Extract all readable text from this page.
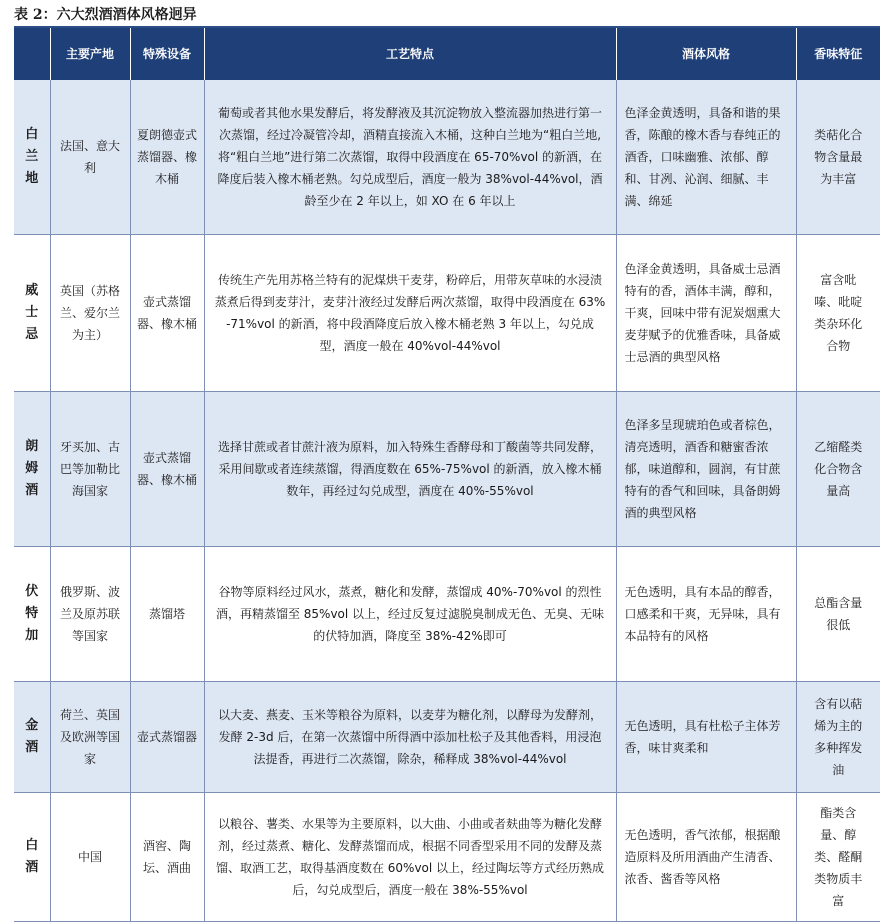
表 2：六大烈酒酒体风格迥异
	主要产地	特殊设备	工艺特点	酒体风格	香味特征
白兰地	法国、意大利	夏朗德壶式蒸馏器、橡木桶	葡萄或者其他水果发酵后，将发酵液及其沉淀物放入整流器加热进行第一次蒸馏，经过冷凝管冷却，酒精直接流入木桶，这种白兰地为“粗白兰地,将“粗白兰地”进行第二次蒸馏，取得中段酒度在 65-70%vol 的新酒，在降度后装入橡木桶老熟。勾兑成型后，酒度一般为 38%vol-44%vol，酒龄至少在 2 年以上，如 XO 在 6 年以上	色泽金黄透明，具备和谐的果香，陈酿的橡木香与春纯正的酒香，口味幽雅、浓郁、醇和、甘冽、沁润、细腻、丰满、绵延	类萜化合物含量最为丰富
威士忌	英国（苏格兰、爱尔兰为主）	壶式蒸馏器、橡木桶	传统生产先用苏格兰特有的泥煤烘干麦芽，粉碎后，用带灰草味的水浸渍蒸煮后得到麦芽汁，麦芽汁液经过发酵后两次蒸馏，取得中段酒度在 63%-71%vol 的新酒，将中段酒降度后放入橡木桶老熟 3 年以上，勾兑成型，酒度一般在 40%vol-44%vol	色泽金黄透明，具备威士忌酒特有的香，酒体丰满，醇和，干爽，回味中带有泥炭烟熏大麦芽赋予的优雅香味，具备威士忌酒的典型风格	富含吡嗪、吡啶类杂环化合物
朗姆酒	牙买加、古巴等加勒比海国家	壶式蒸馏器、橡木桶	选择甘蔗或者甘蔗汁液为原料，加入特殊生香酵母和丁酸菌等共同发酵，采用间歇或者连续蒸馏，得酒度数在 65%-75%vol 的新酒，放入橡木桶数年，再经过勾兑成型，酒度在 40%-55%vol	色泽多呈现琥珀色或者棕色，清亮透明，酒香和糖蜜香浓郁，味道醇和，圆润，有甘蔗特有的香气和回味，具备朗姆酒的典型风格	乙缩醛类化合物含量高
伏特加	俄罗斯、波兰及原苏联等国家	蒸馏塔	谷物等原料经过风水，蒸煮，糖化和发酵，蒸馏成 40%-70%vol 的烈性酒，再精蒸馏至 85%vol 以上，经过反复过滤脱臭制成无色、无臭、无味的伏特加酒，降度至 38%-42%即可	无色透明，具有本品的醇香，口感柔和干爽，无异味，具有本品特有的风格	总酯含量很低
金酒	荷兰、英国及欧洲等国家	壶式蒸馏器	以大麦、燕麦、玉米等粮谷为原料，以麦芽为糖化剂，以酵母为发酵剂，发酵 2-3d 后，在第一次蒸馏中所得酒中添加杜松子及其他香料，用浸泡法提香，再进行二次蒸馏，除杂，稀释成 38%vol-44%vol	无色透明，具有杜松子主体芳香，味甘爽柔和	含有以萜烯为主的多种挥发油
白酒	中国	酒窖、陶坛、酒曲	以粮谷、薯类、水果等为主要原料，以大曲、小曲或者麸曲等为糖化发酵剂，经过蒸煮、糖化、发酵蒸馏而成，根据不同香型采用不同的发酵及蒸馏、取酒工艺，取得基酒度数在 60%vol 以上，经过陶坛等方式经历熟成后，勾兑成型后，酒度一般在 38%-55%vol	无色透明，香气浓郁，根据酿造原料及所用酒曲产生清香、浓香、酱香等风格	酯类含量、醇类、醛酮类物质丰富
